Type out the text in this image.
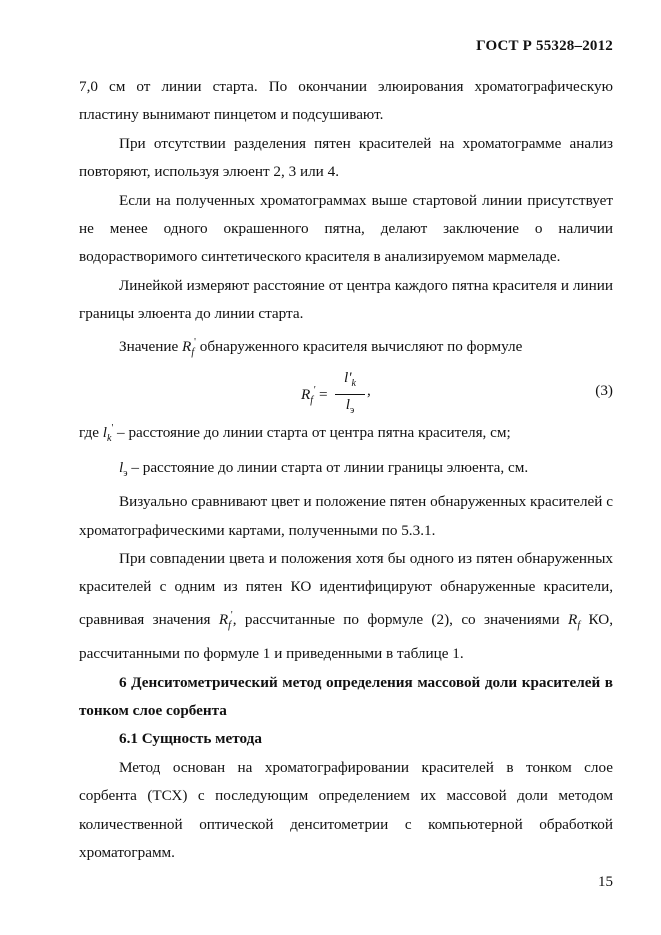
ГОСТ Р 55328–2012

7,0 см от линии старта. По окончании элюирования хроматографическую пластину вынимают пинцетом и подсушивают.

При отсутствии разделения пятен красителей на хроматограмме анализ повторяют, используя элюент 2, 3 или 4.

Если на полученных хроматограммах выше стартовой линии присутствует не менее одного окрашенного пятна, делают заключение о наличии водорастворимого синтетического красителя в анализируемом мармеладе.

Линейкой измеряют расстояние от центра каждого пятна красителя и линии границы элюента до линии старта.

Значение $R_f'$ обнаруженного красителя вычисляют по формуле

$R_f'$ =
$l'_k$
$l_э$
,	(3)

где $l_k'$ – расстояние до линии старта от центра пятна красителя, см;

$l_э$ – расстояние до линии старта от линии границы элюента, см.

Визуально сравнивают цвет и положение пятен обнаруженных красителей с хроматографическими картами, полученными по 5.3.1.

При совпадении цвета и положения хотя бы одного из пятен обнаруженных красителей с одним из пятен КО идентифицируют обнаруженные красители, сравнивая значения $R_f'$, рассчитанные по формуле (2), со значениями $R_f$ КО, рассчитанными по формуле 1 и приведенными в таблице 1.

6 Денситометрический метод определения массовой доли красителей в тонком слое сорбента

6.1 Сущность метода

Метод основан на хроматографировании красителей в тонком слое сорбента (ТСХ) с последующим определением их массовой доли методом количественной оптической денситометрии с компьютерной обработкой хроматограмм.

15
